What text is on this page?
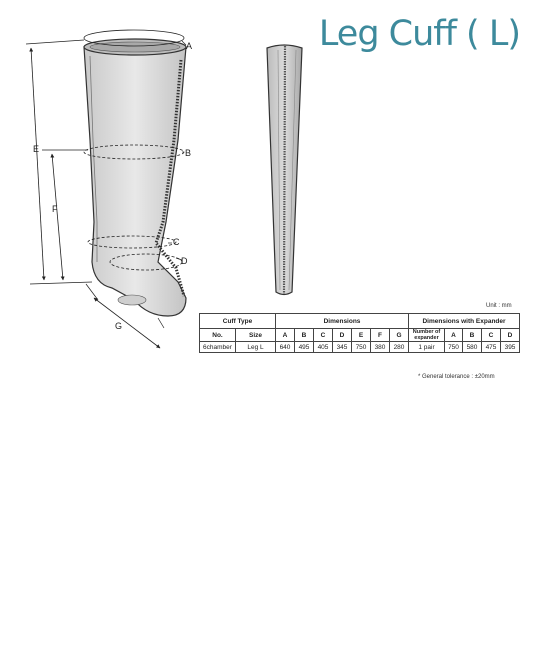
Leg Cuff ( L)
A
B
C
D
E
F
G
Unit : mm
Cuff Type		Dimensions							Dimensions with Expander				
No.	Size	A	B	C	D	E	F	G	Number of expander	A	B	C	D
6chamber	Leg L	640	495	405	345	750	380	280	1 pair	750	580	475	395
* General tolerance : ±20mm
